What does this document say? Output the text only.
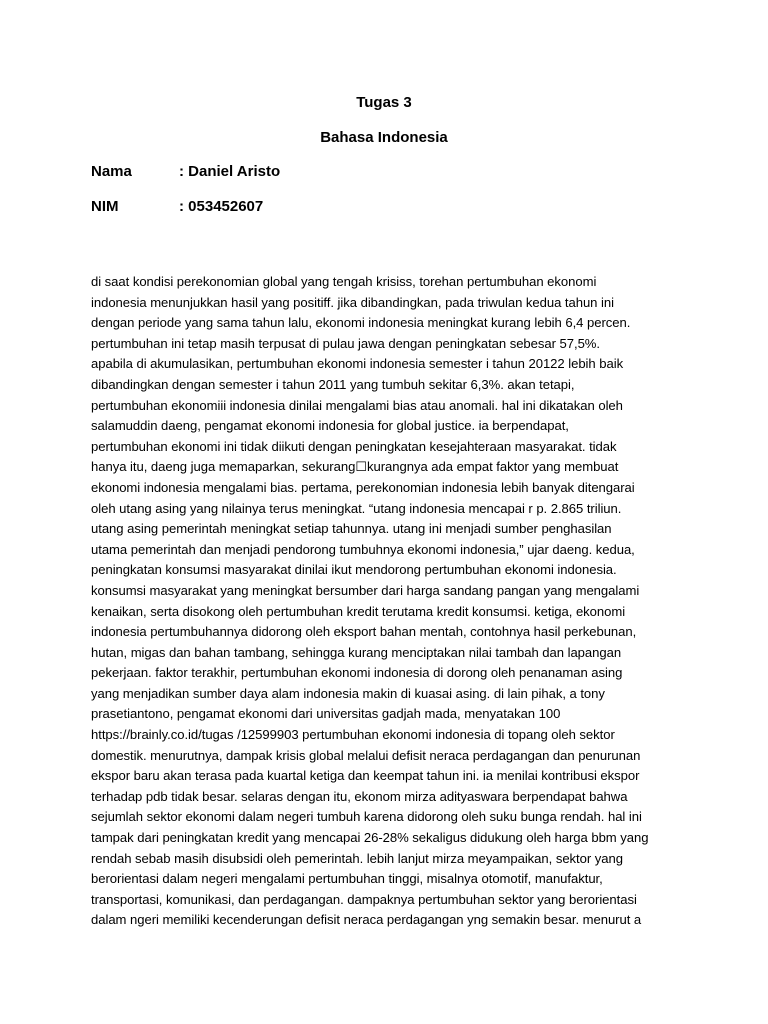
Tugas 3
Bahasa Indonesia
Nama	: Daniel Aristo
NIM	: 053452607
di saat kondisi perekonomian global yang tengah krisiss, torehan pertumbuhan ekonomi
indonesia menunjukkan hasil yang positiff. jika dibandingkan, pada triwulan kedua tahun ini
dengan periode yang sama tahun lalu, ekonomi indonesia meningkat kurang lebih 6,4 percen.
pertumbuhan ini tetap masih terpusat di pulau jawa dengan peningkatan sebesar 57,5%.
apabila di akumulasikan, pertumbuhan ekonomi indonesia semester i tahun 20122 lebih baik
dibandingkan dengan semester i tahun 2011 yang tumbuh sekitar 6,3%. akan tetapi,
pertumbuhan ekonomiii indonesia dinilai mengalami bias atau anomali. hal ini dikatakan oleh
salamuddin daeng, pengamat ekonomi indonesia for global justice. ia berpendapat,
pertumbuhan ekonomi ini tidak diikuti dengan peningkatan kesejahteraan masyarakat. tidak
hanya itu, daeng juga memaparkan, sekurang☐kurangnya ada empat faktor yang membuat
ekonomi indonesia mengalami bias. pertama, perekonomian indonesia lebih banyak ditengarai
oleh utang asing yang nilainya terus meningkat. “utang indonesia mencapai r p. 2.865 triliun.
utang asing pemerintah meningkat setiap tahunnya. utang ini menjadi sumber penghasilan
utama pemerintah dan menjadi pendorong tumbuhnya ekonomi indonesia,” ujar daeng. kedua,
peningkatan konsumsi masyarakat dinilai ikut mendorong pertumbuhan ekonomi indonesia.
konsumsi masyarakat yang meningkat bersumber dari harga sandang pangan yang mengalami
kenaikan, serta disokong oleh pertumbuhan kredit terutama kredit konsumsi. ketiga, ekonomi
indonesia pertumbuhannya didorong oleh eksport bahan mentah, contohnya hasil perkebunan,
hutan, migas dan bahan tambang, sehingga kurang menciptakan nilai tambah dan lapangan
pekerjaan. faktor terakhir, pertumbuhan ekonomi indonesia di dorong oleh penanaman asing
yang menjadikan sumber daya alam indonesia makin di kuasai asing. di lain pihak, a tony
prasetiantono, pengamat ekonomi dari universitas gadjah mada, menyatakan 100
https://brainly.co.id/tugas /12599903 pertumbuhan ekonomi indonesia di topang oleh sektor
domestik. menurutnya, dampak krisis global melalui defisit neraca perdagangan dan penurunan
ekspor baru akan terasa pada kuartal ketiga dan keempat tahun ini. ia menilai kontribusi ekspor
terhadap pdb tidak besar. selaras dengan itu, ekonom mirza adityaswara berpendapat bahwa
sejumlah sektor ekonomi dalam negeri tumbuh karena didorong oleh suku bunga rendah. hal ini
tampak dari peningkatan kredit yang mencapai 26-28% sekaligus didukung oleh harga bbm yang
rendah sebab masih disubsidi oleh pemerintah. lebih lanjut mirza meyampaikan, sektor yang
berorientasi dalam negeri mengalami pertumbuhan tinggi, misalnya otomotif, manufaktur,
transportasi, komunikasi, dan perdagangan. dampaknya pertumbuhan sektor yang berorientasi
dalam ngeri memiliki kecenderungan defisit neraca perdagangan yng semakin besar. menurut a
